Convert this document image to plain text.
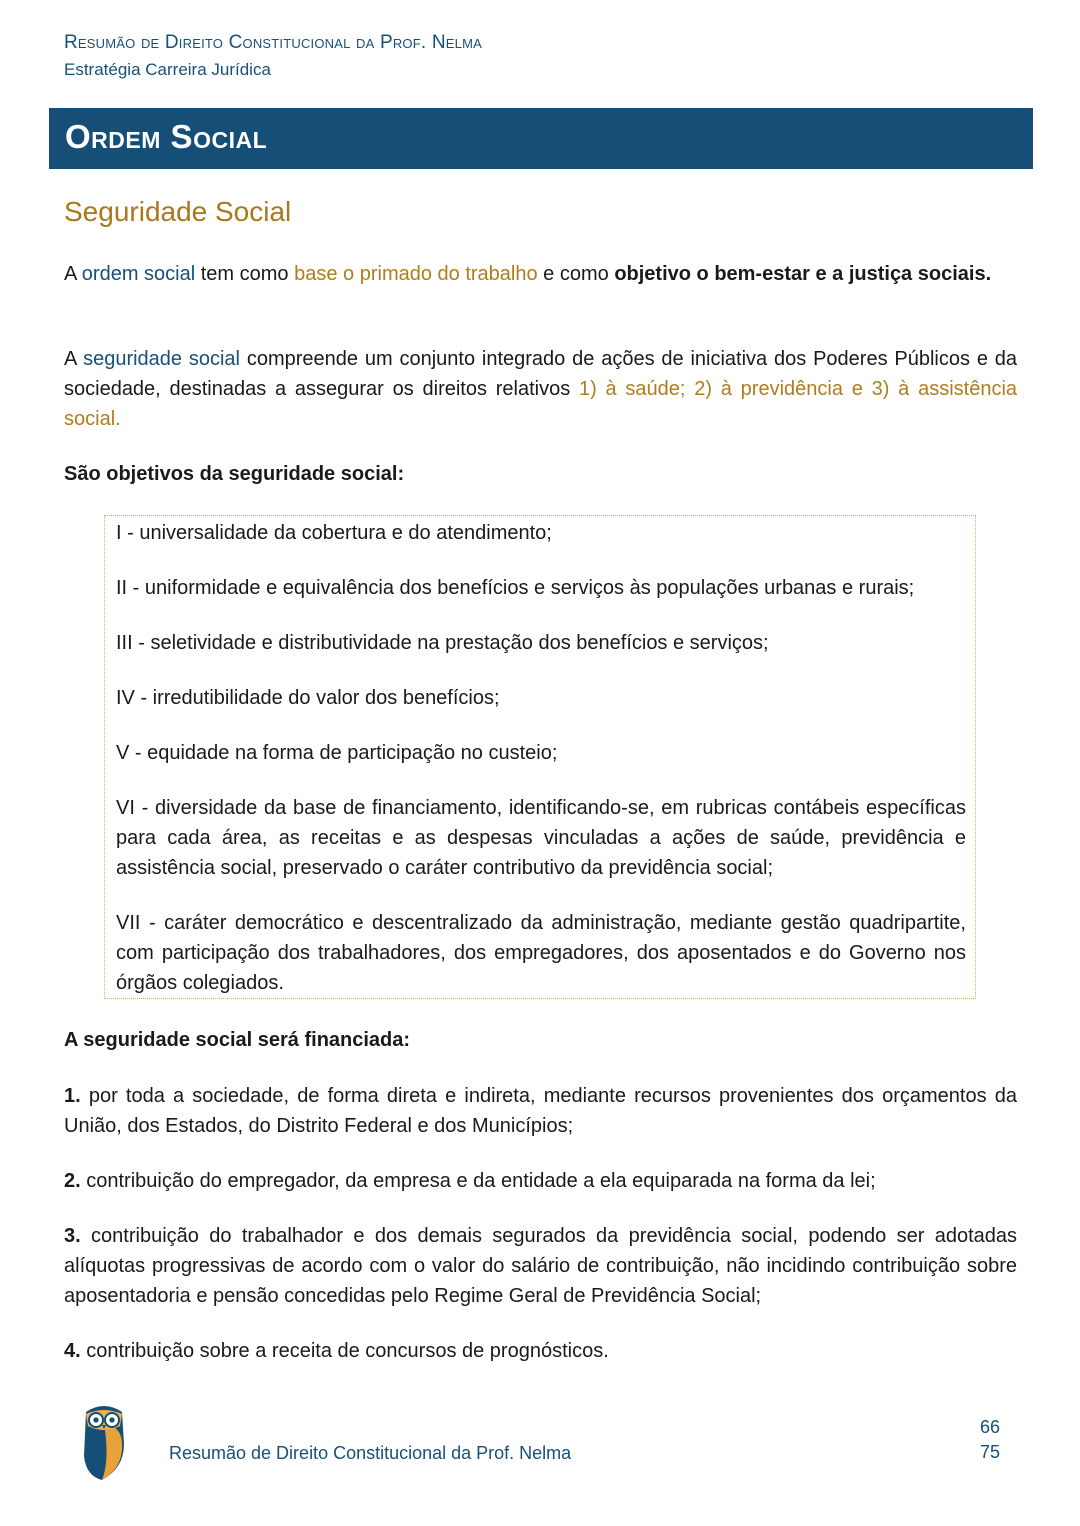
Resumão de Direito Constitucional da Prof. Nelma
Estratégia Carreira Jurídica
Ordem Social
Seguridade Social
A ordem social tem como base o primado do trabalho e como objetivo o bem-estar e a justiça sociais.
A seguridade social compreende um conjunto integrado de ações de iniciativa dos Poderes Públicos e da sociedade, destinadas a assegurar os direitos relativos 1) à saúde; 2) à previdência e 3) à assistência social.
São objetivos da seguridade social:
I - universalidade da cobertura e do atendimento;
II - uniformidade e equivalência dos benefícios e serviços às populações urbanas e rurais;
III - seletividade e distributividade na prestação dos benefícios e serviços;
IV - irredutibilidade do valor dos benefícios;
V - equidade na forma de participação no custeio;
VI - diversidade da base de financiamento, identificando-se, em rubricas contábeis específicas para cada área, as receitas e as despesas vinculadas a ações de saúde, previdência e assistência social, preservado o caráter contributivo da previdência social;
VII - caráter democrático e descentralizado da administração, mediante gestão quadripartite, com participação dos trabalhadores, dos empregadores, dos aposentados e do Governo nos órgãos colegiados.
A seguridade social será financiada:
1. por toda a sociedade, de forma direta e indireta, mediante recursos provenientes dos orçamentos da União, dos Estados, do Distrito Federal e dos Municípios;
2. contribuição do empregador, da empresa e da entidade a ela equiparada na forma da lei;
3. contribuição do trabalhador e dos demais segurados da previdência social, podendo ser adotadas alíquotas progressivas de acordo com o valor do salário de contribuição, não incidindo contribuição sobre aposentadoria e pensão concedidas pelo Regime Geral de Previdência Social;
4. contribuição sobre a receita de concursos de prognósticos.
Resumão de Direito Constitucional da Prof. Nelma
66
75
